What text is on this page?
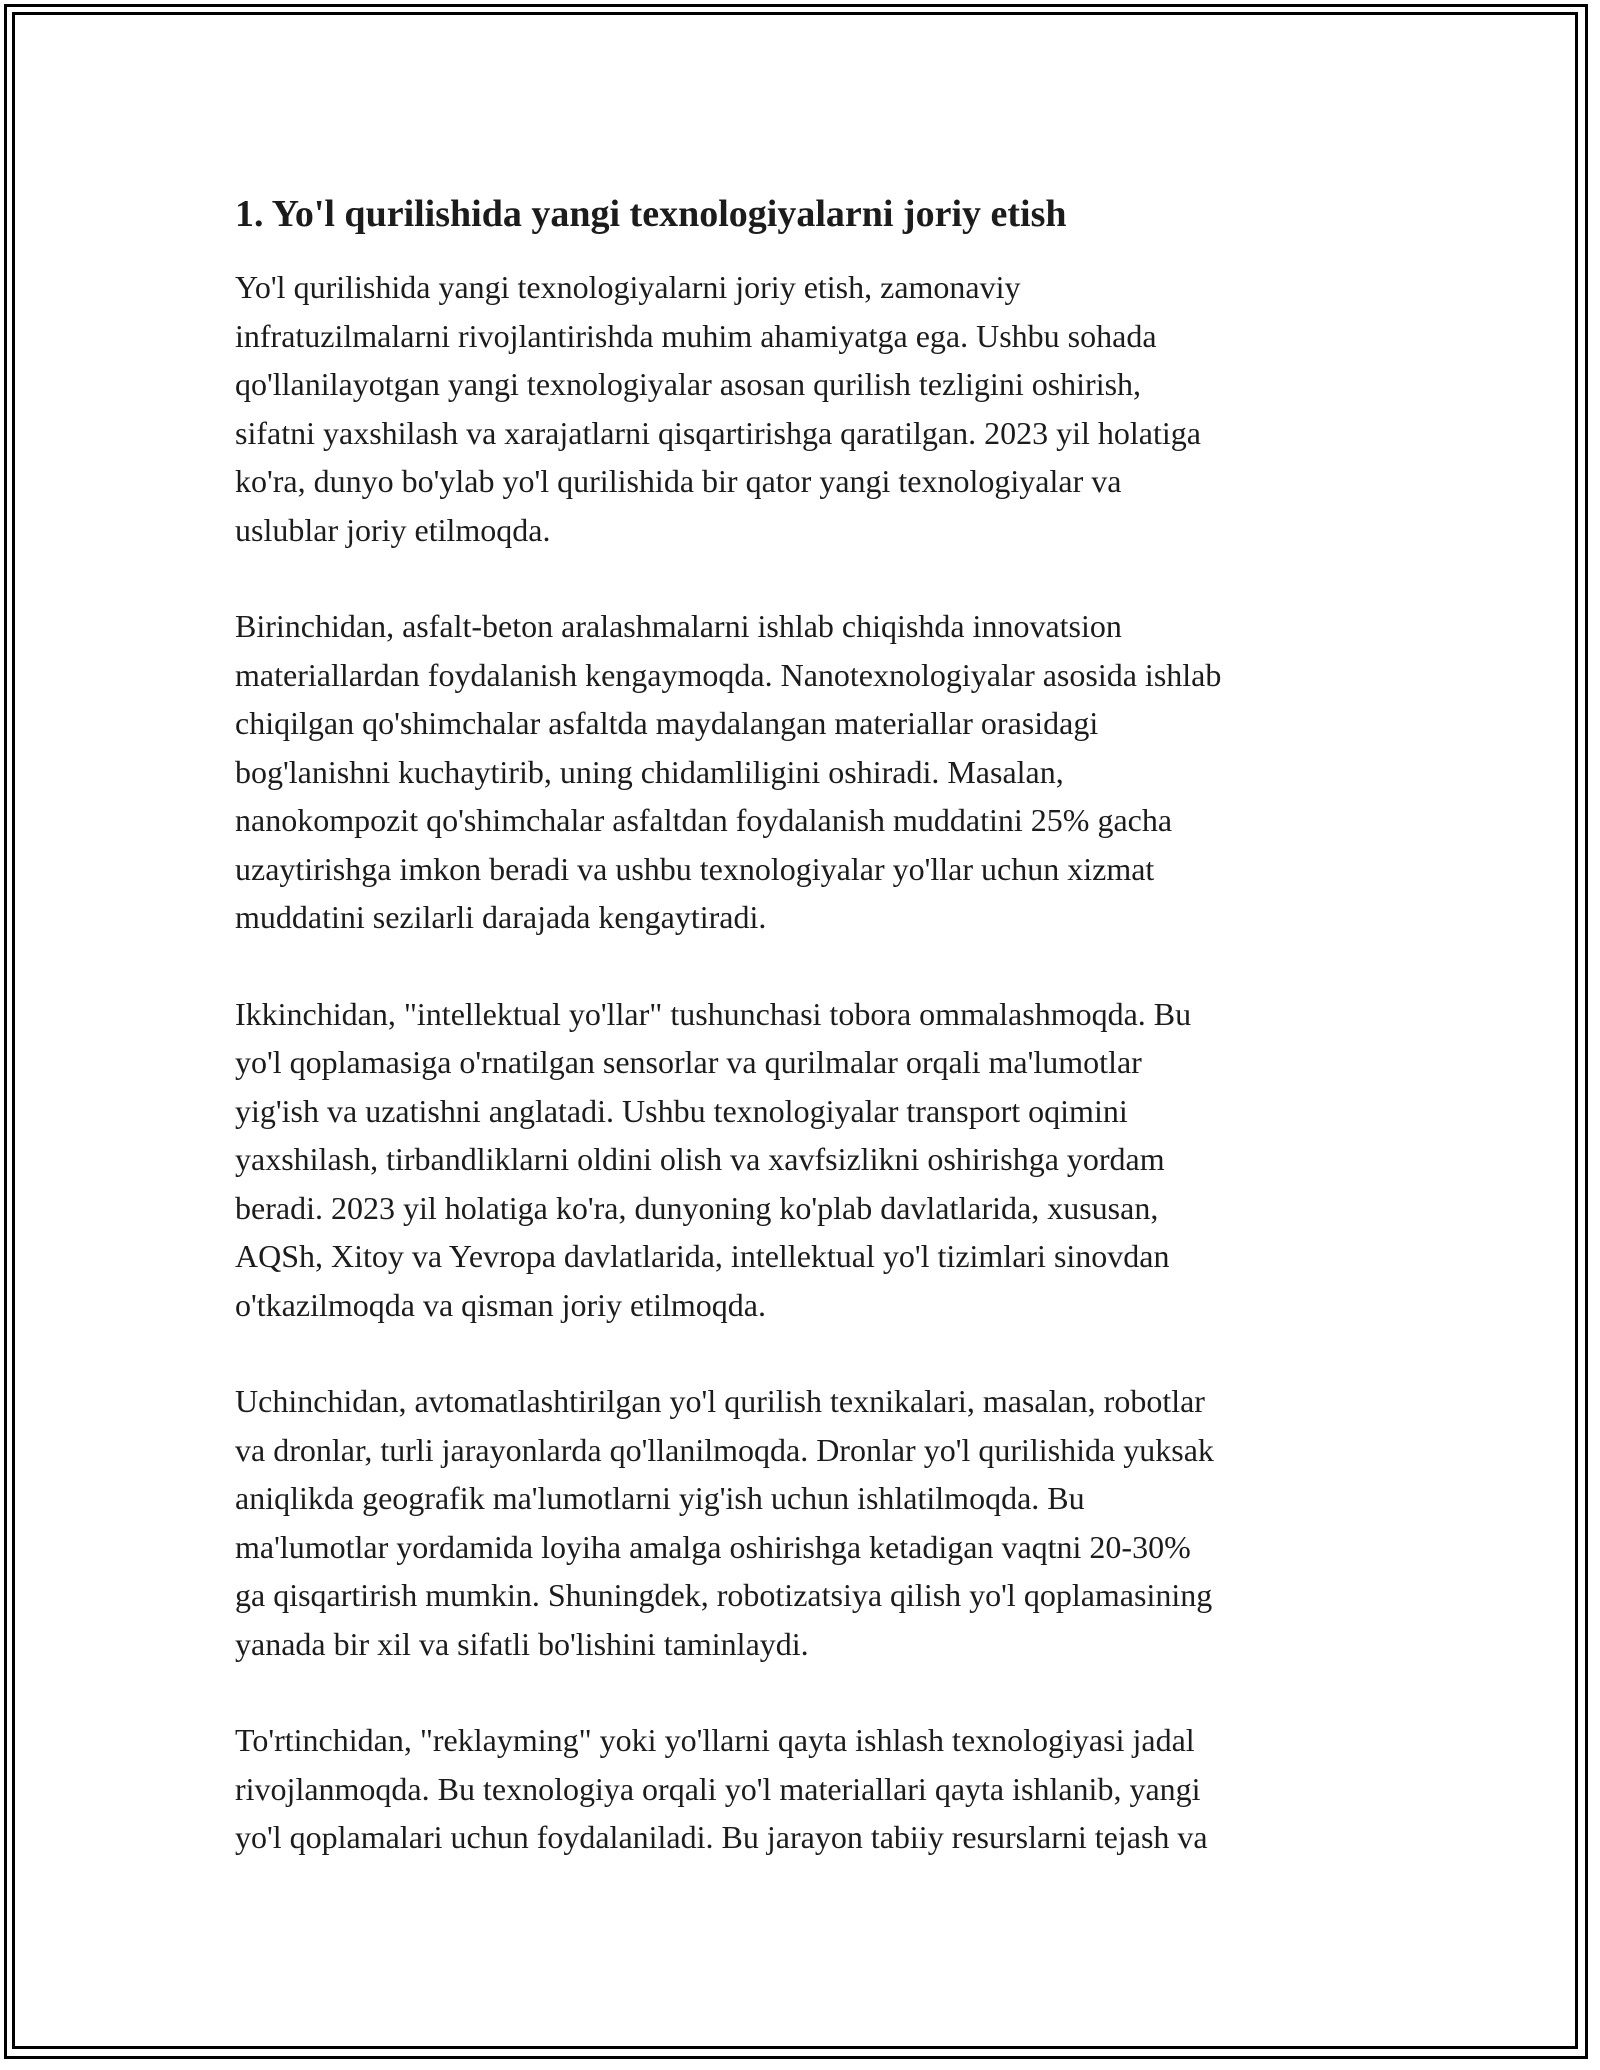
1. Yo'l qurilishida yangi texnologiyalarni joriy etish

Yo'l qurilishida yangi texnologiyalarni joriy etish, zamonaviy
infratuzilmalarni rivojlantirishda muhim ahamiyatga ega. Ushbu sohada
qo'llanilayotgan yangi texnologiyalar asosan qurilish tezligini oshirish,
sifatni yaxshilash va xarajatlarni qisqartirishga qaratilgan. 2023 yil holatiga
ko'ra, dunyo bo'ylab yo'l qurilishida bir qator yangi texnologiyalar va
uslublar joriy etilmoqda.

Birinchidan, asfalt-beton aralashmalarni ishlab chiqishda innovatsion
materiallardan foydalanish kengaymoqda. Nanotexnologiyalar asosida ishlab
chiqilgan qo'shimchalar asfaltda maydalangan materiallar orasidagi
bog'lanishni kuchaytirib, uning chidamliligini oshiradi. Masalan,
nanokompozit qo'shimchalar asfaltdan foydalanish muddatini 25% gacha
uzaytirishga imkon beradi va ushbu texnologiyalar yo'llar uchun xizmat
muddatini sezilarli darajada kengaytiradi.

Ikkinchidan, "intellektual yo'llar" tushunchasi tobora ommalashmoqda. Bu
yo'l qoplamasiga o'rnatilgan sensorlar va qurilmalar orqali ma'lumotlar
yig'ish va uzatishni anglatadi. Ushbu texnologiyalar transport oqimini
yaxshilash, tirbandliklarni oldini olish va xavfsizlikni oshirishga yordam
beradi. 2023 yil holatiga ko'ra, dunyoning ko'plab davlatlarida, xususan,
AQSh, Xitoy va Yevropa davlatlarida, intellektual yo'l tizimlari sinovdan
o'tkazilmoqda va qisman joriy etilmoqda.

Uchinchidan, avtomatlashtirilgan yo'l qurilish texnikalari, masalan, robotlar
va dronlar, turli jarayonlarda qo'llanilmoqda. Dronlar yo'l qurilishida yuksak
aniqlikda geografik ma'lumotlarni yig'ish uchun ishlatilmoqda. Bu
ma'lumotlar yordamida loyiha amalga oshirishga ketadigan vaqtni 20-30%
ga qisqartirish mumkin. Shuningdek, robotizatsiya qilish yo'l qoplamasining
yanada bir xil va sifatli bo'lishini taminlaydi.

To'rtinchidan, "reklayming" yoki yo'llarni qayta ishlash texnologiyasi jadal
rivojlanmoqda. Bu texnologiya orqali yo'l materiallari qayta ishlanib, yangi
yo'l qoplamalari uchun foydalaniladi. Bu jarayon tabiiy resurslarni tejash va
